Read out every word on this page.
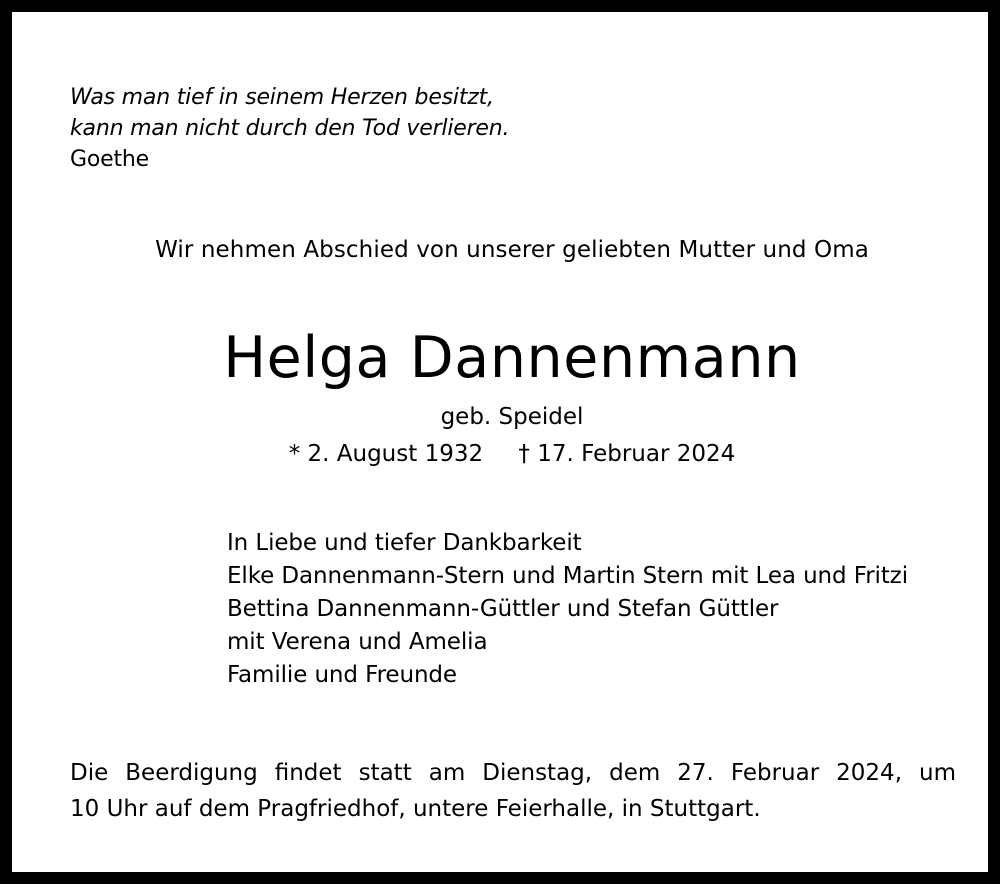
Was man tief in seinem Herzen besitzt,
kann man nicht durch den Tod verlieren.
Goethe
Wir nehmen Abschied von unserer geliebten Mutter und Oma
Helga Dannenmann
geb. Speidel
* 2. August 1932 † 17. Februar 2024
In Liebe und tiefer Dankbarkeit
Elke Dannenmann-Stern und Martin Stern mit Lea und Fritzi
Bettina Dannenmann-Güttler und Stefan Güttler
mit Verena und Amelia
Familie und Freunde
Die Beerdigung findet statt am Dienstag, dem 27. Februar 2024, um
10 Uhr auf dem Pragfriedhof, untere Feierhalle, in Stuttgart.
